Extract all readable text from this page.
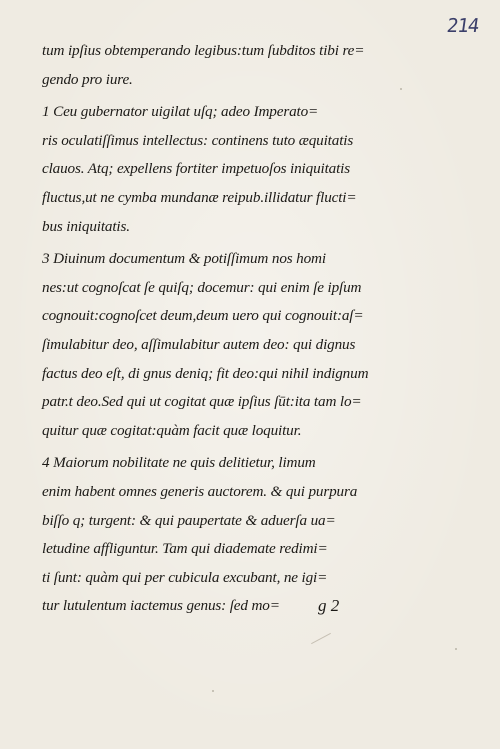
214
tum ipſius obtemperando legibus:tum ſubditos tibi re=
gendo pro iure.
1 Ceu gubernator uigilat uſq; adeo Imperato=
ris oculatiſſimus intellectus: continens tuto æquitatis
clauos. Atq; expellens fortiter impetuoſos iniquitatis
fluctus,ut ne cymba mundanæ reipub.illidatur flucti=
bus iniquitatis.
3 Diuinum documentum & potiſſimum nos homi
nes:ut cognoſcat ſe quiſq; docemur: qui enim ſe ipſum
cognouit:cognoſcet deum,deum uero qui cognouit:aſ=
ſimulabitur deo, aſſimulabitur autem deo: qui dignus
factus deo eſt, di gnus deniq; fit deo:qui nihil indignum
patr.t deo.Sed qui ut cogitat quæ ipſius ſūt:ita tam lo=
quitur quæ cogitat:quàm facit quæ loquitur.
4 Maiorum nobilitate ne quis delitietur, limum
enim habent omnes generis auctorem. & qui purpura
biſſo q; turgent: & qui paupertate & aduerſa ua=
letudine affliguntur. Tam qui diademate redimi=
ti ſunt: quàm qui per cubicula excubant, ne igi=
tur lutulentum iactemus genus: ſed mo=	g 2
